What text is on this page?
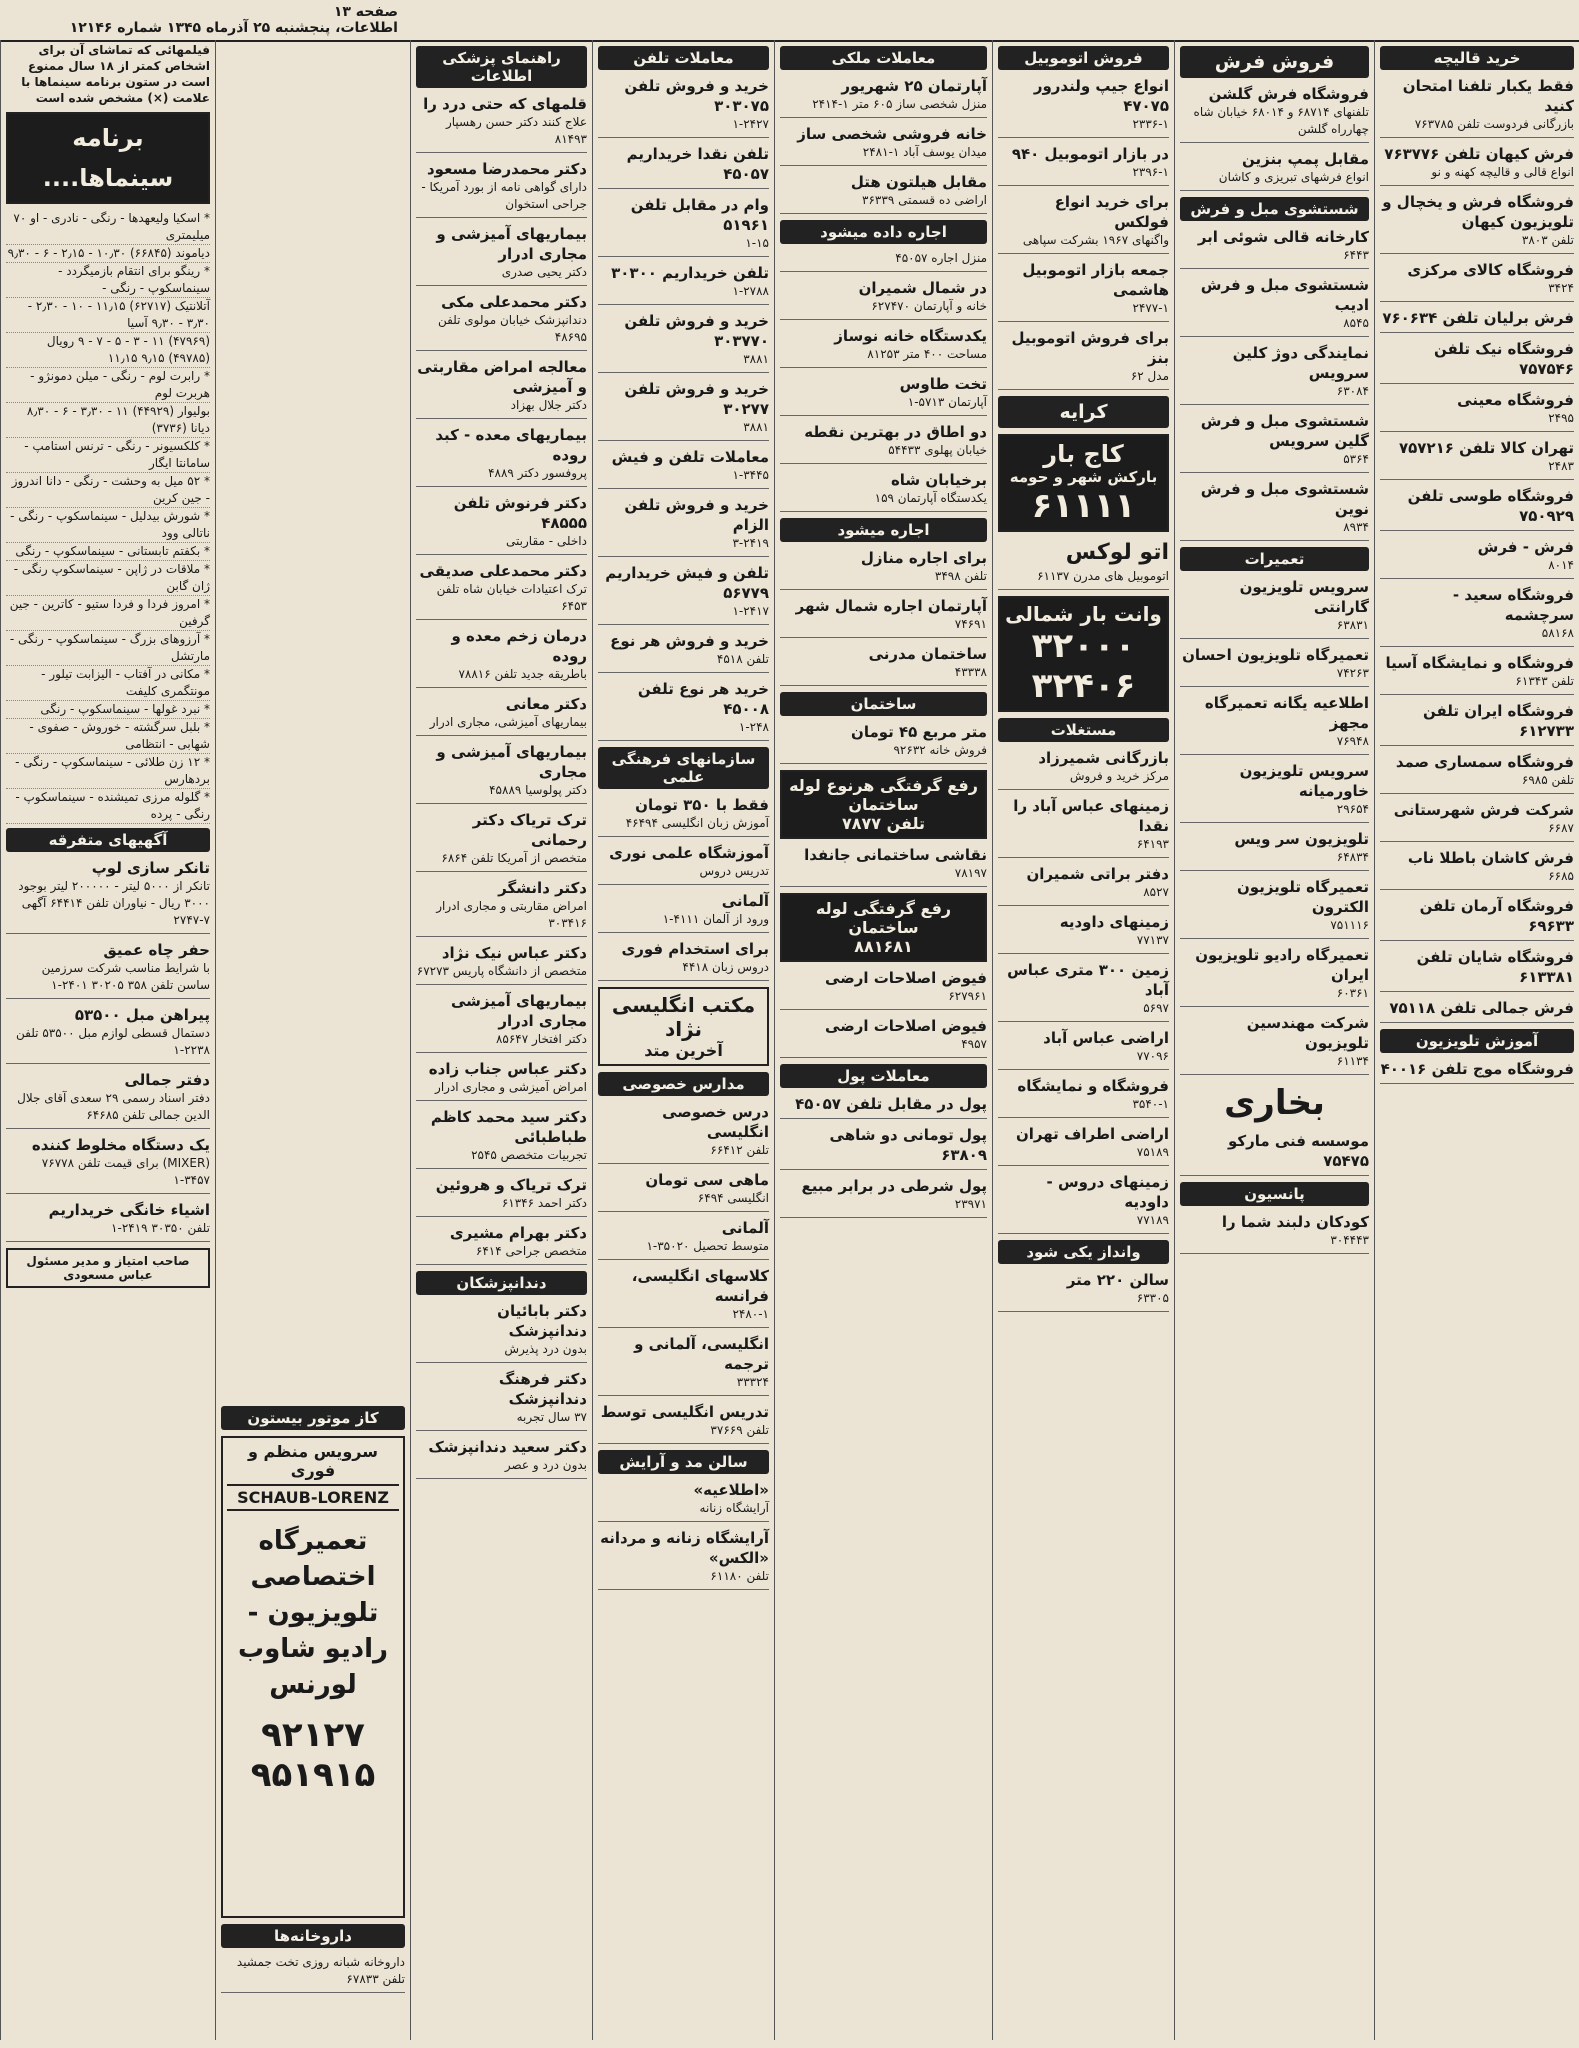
صفحه ۱۳
اطلاعات، پنجشنبه ۲۵ آذرماه ۱۳۴۵ شماره ۱۲۱۴۶
فیلمهائی که تماشای آن برای اشخاص کمتر از ۱۸ سال ممنوع است در ستون برنامه سینماها با علامت (×) مشخص شده است
برنامه سینماها....
* اسکیا ولیعهدها - رنگی - نادری - او ۷۰ میلیمتری
دیاموند (۶۶۸۴۵) ۱۰٫۳۰ - ۲٫۱۵ - ۶ - ۹٫۳۰
* رینگو برای انتقام بازمیگردد - سینماسکوپ - رنگی -
آتلانتیک (۶۲۷۱۷) ۱۱٫۱۵ - ۱۰ - ۲٫۳۰ - ۳٫۳۰ - ۹٫۳۰ آسیا
(۴۷۹۶۹) ۱۱ - ۳ - ۵ - ۷ - ۹ رویال (۴۹۷۸۵) ۹٫۱۵ ۱۱٫۱۵
* رابرت لوم - رنگی - میلن دمونژو - هربرت لوم
بولیوار (۴۴۹۲۹) ۱۱ - ۳٫۳۰ - ۶ - ۸٫۳۰ دیانا (۳۷۳۶)
* کلکسیونر - رنگی - ترنس استامپ - سامانتا ایگار
* ۵۲ میل به وحشت - رنگی - دانا اندروز - جین کرین
* شورش بیدلیل - سینماسکوپ - رنگی - ناتالی وود
* بکفتم تابستانی - سینماسکوپ - رنگی
* ملاقات در ژاپن - سینماسکوپ رنگی - ژان گابن
* امروز فردا و فردا ستیو - کاترین - جین گرفین
* آرزوهای بزرگ - سینماسکوپ - رنگی - مارتشل
* مکانی در آفتاب - الیزابت تیلور - مونتگمری کلیفت
* نبرد غولها - سینماسکوپ - رنگی
* بلبل سرگشته - خوروش - صفوی - شهابی - انتظامی
* ۱۲ زن طلائی - سینماسکوپ - رنگی - بردهارس
* گلوله مرزی تمیشنده - سینماسکوپ - رنگی - پرده
آگهیهای متفرقه
تانکر سازی لوپ
تانکر از ۵۰۰۰ لیتر - ۲۰۰۰۰۰ لیتر بوجود ۳۰۰۰ ریال - نیاوران تلفن ۶۴۴۱۴ آگهی ۷-۲۷۴۷
حفر چاه عمیق
با شرایط مناسب شرکت سرزمین ساسن تلفن ۳۵۸ ۳۰۲۰۵ ۲۴۰۱-۱
پیراهن مبل ۵۳۵۰۰
دستمال قسطی لوازم مبل ۵۳۵۰۰ تلفن ۲۲۳۸-۱
دفتر جمالی
دفتر اسناد رسمی ۲۹ سعدی آقای جلال الدین جمالی تلفن ۶۴۶۸۵
یک دستگاه مخلوط کننده
(MIXER) برای قیمت تلفن ۷۶۷۷۸ ۳۴۵۷-۱
اشیاء خانگی خریداریم
تلفن ۳۰۳۵۰ ۲۴۱۹-۱
صاحب امتیاز و مدیر مسئول عباس مسعودی
کاز موتور بیستون
سرویس منظم و فوری
SCHAUB-LORENZ
تعمیرگاه اختصاصی تلویزیون - رادیو شاوب لورنس
۹۲۱۲۷
۹۵۱۹۱۵
داروخانه‌ها
داروخانه شبانه روزی تخت جمشید تلفن ۶۷۸۳۳
راهنمای پزشکی اطلاعات
قلمهای که حتی درد را
علاج کنند دکتر حسن رهسپار ۸۱۴۹۳
دکتر محمدرضا مسعود
دارای گواهی نامه از بورد آمریکا - جراحی استخوان
بیماریهای آمیزشی و مجاری ادرار
دکتر یحیی صدری
دکتر محمدعلی مکی
دندانپزشک خیابان مولوی تلفن ۴۸۶۹۵
معالجه امراض مقاربتی و آمیزشی
دکتر جلال بهزاد
بیماریهای معده - کبد روده
پروفسور دکتر ۴۸۸۹
دکتر فرنوش تلفن ۴۸۵۵۵
داخلی - مقاربتی
دکتر محمدعلی صدیقی
ترک اعتیادات خیابان شاه تلفن ۶۴۵۳
درمان زخم معده و روده
باطریقه جدید تلفن ۷۸۸۱۶
دکتر معانی
بیماریهای آمیزشی، مجاری ادرار
بیماریهای آمیزشی و مجاری
دکتر پولوسیا ۴۵۸۸۹
ترک تریاک دکتر رحمانی
متخصص از آمریکا تلفن ۶۸۶۴
دکتر دانشگر
امراض مقاربتی و مجاری ادرار ۳۰۳۴۱۶
دکتر عباس نیک نژاد
متخصص از دانشگاه پاریس ۶۷۲۷۳
بیماریهای آمیزشی مجاری ادرار
دکتر افتخار ۸۵۶۴۷
دکتر عباس جناب زاده
امراض آمیزشی و مجاری ادرار
دکتر سید محمد کاظم طباطبائی
تجربیات متخصص ۲۵۴۵
ترک تریاک و هروئین
دکتر احمد ۶۱۳۴۶
دکتر بهرام مشیری
متخصص جراحی ۶۴۱۴
دندانپزشکان
دکتر بابائیان دندانپزشک
بدون درد پذیرش
دکتر فرهنگ دندانپزشک
۳۷ سال تجربه
دکتر سعید دندانپزشک
بدون درد و عصر
معاملات تلفن
خرید و فروش تلفن ۳۰۳۰۷۵
۱-۲۴۲۷
تلفن نقدا خریداریم ۴۵۰۵۷
وام در مقابل تلفن ۵۱۹۶۱
۱-۱۵
تلفن خریداریم ۳۰۳۰۰
۱-۲۷۸۸
خرید و فروش تلفن ۳۰۳۷۷۰
۳۸۸۱
خرید و فروش تلفن ۳۰۲۷۷
۳۸۸۱
معاملات تلفن و فیش
۱-۳۴۴۵
خرید و فروش تلفن الزام
۳-۲۴۱۹
تلفن و فیش خریداریم ۵۶۷۷۹
۱-۲۴۱۷
خرید و فروش هر نوع
تلفن ۴۵۱۸
خرید هر نوع تلفن ۴۵۰۰۸
۱-۲۴۸
سازمانهای فرهنگی علمی
فقط با ۳۵۰ تومان
آموزش زبان انگلیسی ۴۶۴۹۴
آموزشگاه علمی نوری
تدریس دروس
آلمانی
ورود از آلمان ۴۱۱۱-۱
برای استخدام فوری
دروس زبان ۴۴۱۸
مکتب انگلیسی نژاد
آخرین متد
مدارس خصوصی
درس خصوصی انگلیسی
تلفن ۶۶۴۱۲
ماهی سی تومان
انگلیسی ۶۴۹۴
آلمانی
متوسط تحصیل ۳۵۰۲۰-۱
کلاسهای انگلیسی، فرانسه
۲۴۸۰-۱
انگلیسی، آلمانی و ترجمه
۳۳۳۲۴
تدریس انگلیسی توسط
تلفن ۳۷۶۶۹
سالن مد و آرایش
«اطلاعیه»
آرایشگاه زنانه
آرایشگاه زنانه و مردانه «الکس»
تلفن ۶۱۱۸۰
معاملات ملکی
آپارتمان ۲۵ شهریور
منزل شخصی ساز ۶۰۵ متر ۱-۲۴۱۴
خانه فروشی شخصی ساز
میدان یوسف آباد ۱-۲۴۸۱
مقابل هیلتون هتل
اراضی ده قسمتی ۳۶۳۳۹
اجاره داده میشود
منزل اجاره ۴۵۰۵۷
در شمال شمیران
خانه و آپارتمان ۶۲۷۴۷۰
یکدستگاه خانه نوساز
مساحت ۴۰۰ متر ۸۱۲۵۳
تخت طاوس
آپارتمان ۵۷۱۳-۱
دو اطاق در بهترین نقطه
خیابان پهلوی ۵۴۴۳۳
برخیابان شاه
یکدستگاه آپارتمان ۱۵۹
اجاره میشود
برای اجاره منازل
تلفن ۳۴۹۸
آپارتمان اجاره شمال شهر
۷۴۶۹۱
ساختمان مدرنی
۴۳۳۳۸
ساختمان
متر مربع ۴۵ تومان
فروش خانه ۹۲۶۳۲
رفع گرفتگی هرنوع لوله ساختمان
تلفن ۷۸۷۷
نقاشی ساختمانی جانفدا
۷۸۱۹۷
رفع گرفتگی لوله ساختمان
۸۸۱۶۸۱
فیوض اصلاحات ارضی
۶۲۷۹۶۱
فیوض اصلاحات ارضی
۴۹۵۷
معاملات پول
پول در مقابل تلفن ۴۵۰۵۷
پول تومانی دو شاهی ۶۳۸۰۹
پول شرطی در برابر مبیع
۲۳۹۷۱
فروش اتوموبیل
انواع جیپ ولندرور ۴۷۰۷۵
۲۳۳۶-۱
در بازار اتوموبیل ۹۴۰
۲۳۹۶-۱
برای خرید انواع فولکس
واگنهای ۱۹۶۷ بشرکت سپاهی
جمعه بازار اتوموبیل هاشمی
۲۴۷۷-۱
برای فروش اتوموبیل بنز
مدل ۶۲
کرایه
کاج بار
بارکش شهر و حومه
۶۱۱۱۱
اتو لوکس
اتوموبیل های مدرن ۶۱۱۳۷
وانت بار شمالی
۳۲۰۰۰
۳۲۴۰۶
مستغلات
بازرگانی شمیرزاد
مرکز خرید و فروش
زمینهای عباس آباد را نقدا
۶۴۱۹۳
دفتر براتی شمیران
۸۵۲۷
زمینهای داودیه
۷۷۱۳۷
زمین ۳۰۰ متری عباس آباد
۵۶۹۷
اراضی عباس آباد
۷۷۰۹۶
فروشگاه و نمایشگاه
۳۵۴۰-۱
اراضی اطراف تهران
۷۵۱۸۹
زمینهای دروس - داودیه
۷۷۱۸۹
وانداز یکی شود
سالن ۲۲۰ متر
۶۳۳۰۵
فروش فرش
فروشگاه فرش گلشن
تلفنهای ۶۸۷۱۴ و ۶۸۰۱۴ خیابان شاه چهارراه گلشن
مقابل پمپ بنزین
انواع فرشهای تبریزی و کاشان
شستشوی مبل و فرش
کارخانه قالی شوئی ابر
۶۴۴۳
شستشوی مبل و فرش ادیب
۸۵۴۵
نمایندگی دوژ کلین سرویس
۶۳۰۸۴
شستشوی مبل و فرش گلین سرویس
۵۳۶۴
شستشوی مبل و فرش نوین
۸۹۳۴
تعمیرات
سرویس تلویزیون گارانتی
۶۳۸۳۱
تعمیرگاه تلویزیون احسان
۷۴۲۶۳
اطلاعیه یگانه تعمیرگاه مجهز
۷۶۹۴۸
سرویس تلویزیون خاورمیانه
۲۹۶۵۴
تلویزیون سر ویس
۶۴۸۳۴
تعمیرگاه تلویزیون الکترون
۷۵۱۱۱۶
تعمیرگاه رادیو تلویزیون ایران
۶۰۳۶۱
شرکت مهندسین تلویزیون
۶۱۱۳۴
بخاری
موسسه فنی مارکو ۷۵۴۷۵
پانسیون
کودکان دلبند شما را
۳۰۴۴۴۳
خرید قالیچه
فقط یکبار تلفنا امتحان کنید
بازرگانی فردوست تلفن ۷۶۳۷۸۵
فرش کیهان تلفن ۷۶۳۷۷۶
انواع قالی و قالیچه کهنه و نو
فروشگاه فرش و یخچال و تلویزیون کیهان
تلفن ۳۸۰۳
فروشگاه کالای مرکزی
۳۴۲۴
فرش برلیان تلفن ۷۶۰۶۳۴
فروشگاه نیک تلفن ۷۵۷۵۴۶
فروشگاه معینی
۲۴۹۵
تهران کالا تلفن ۷۵۷۲۱۶
۲۴۸۳
فروشگاه طوسی تلفن ۷۵۰۹۲۹
فرش - فرش
۸۰۱۴
فروشگاه سعید - سرچشمه
۵۸۱۶۸
فروشگاه و نمایشگاه آسیا
تلفن ۶۱۳۴۳
فروشگاه ایران تلفن ۶۱۲۷۳۳
فروشگاه سمساری صمد
تلفن ۶۹۸۵
شرکت فرش شهرستانی
۶۶۸۷
فرش کاشان باطلا ناب
۶۶۸۵
فروشگاه آرمان تلفن ۶۹۶۳۳
فروشگاه شایان تلفن ۶۱۳۳۸۱
فرش جمالی تلفن ۷۵۱۱۸
آموزش تلویزیون
فروشگاه موج تلفن ۴۰۰۱۶
